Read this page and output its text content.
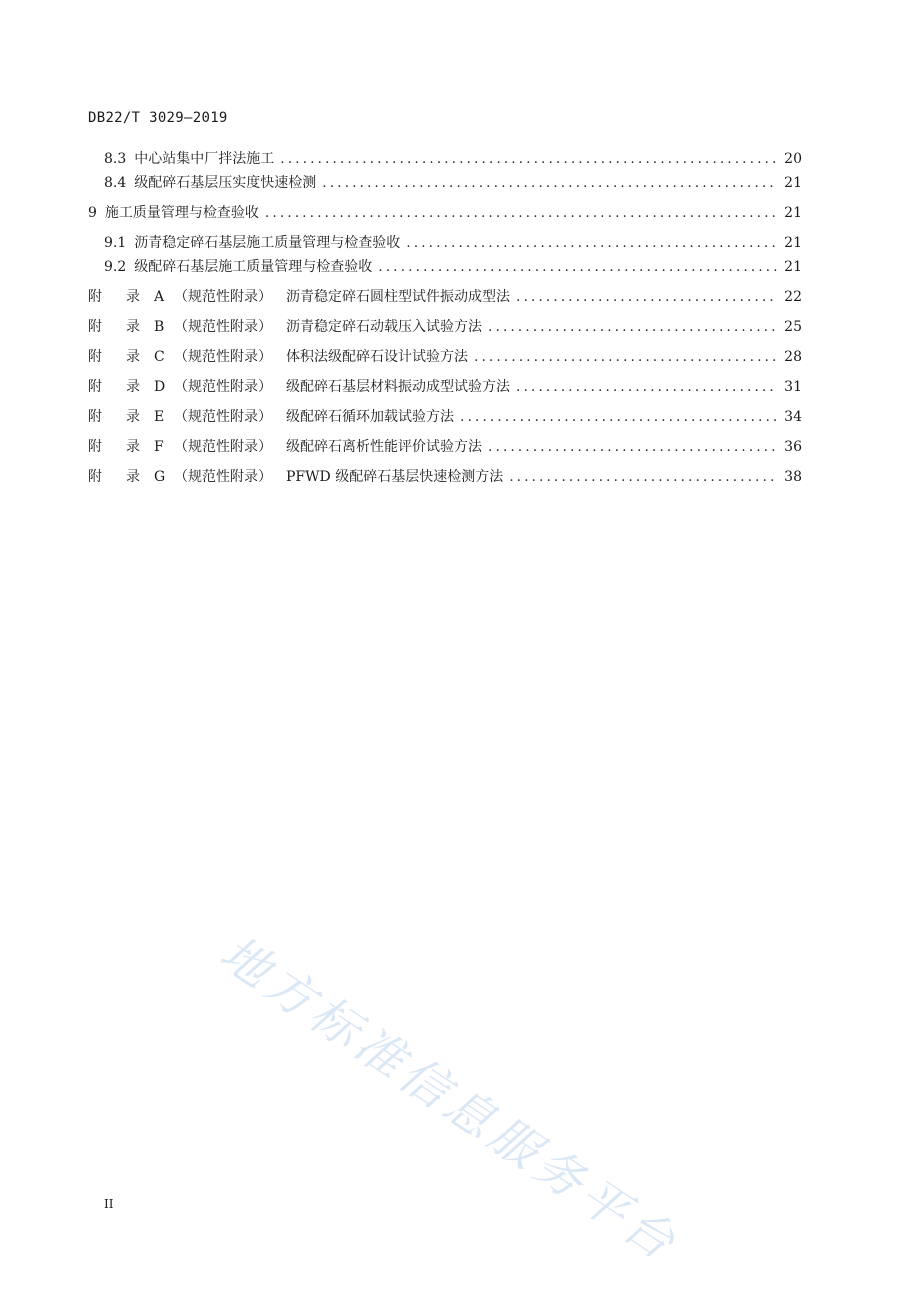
DB22/T 3029—2019
8.3 中心站集中厂拌法施工 .....	20
8.4 级配碎石基层压实度快速检测 .....	21
9 施工质量管理与检查验收 .....	21
9.1 沥青稳定碎石基层施工质量管理与检查验收 .....	21
9.2 级配碎石基层施工质量管理与检查验收 .....	21
附 录 A （规范性附录）	沥青稳定碎石圆柱型试件振动成型法 .....	22
附 录 B （规范性附录）	沥青稳定碎石动载压入试验方法 .....	25
附 录 C （规范性附录）	体积法级配碎石设计试验方法 .....	28
附 录 D （规范性附录）	级配碎石基层材料振动成型试验方法 .....	31
附 录 E （规范性附录）	级配碎石循环加载试验方法 .....	34
附 录 F （规范性附录）	级配碎石离析性能评价试验方法 .....	36
附 录 G （规范性附录）	PFWD 级配碎石基层快速检测方法 .....	38
地方标准信息服务平台
II
